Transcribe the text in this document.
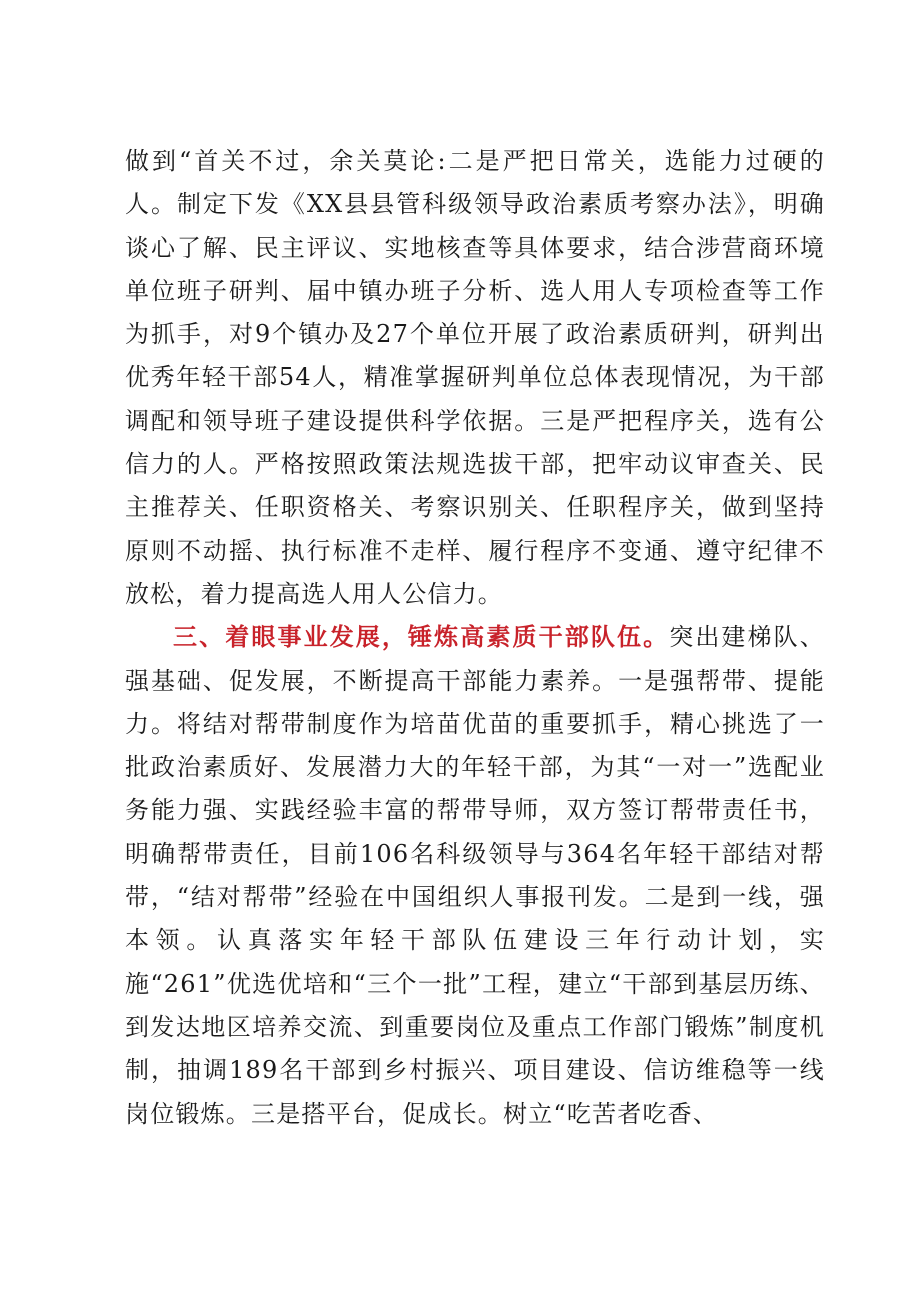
做到“首关不过，余关莫论:二是严把日常关，选能力过硬的人。制定下发《XX县县管科级领导政治素质考察办法》，明确谈心了解、民主评议、实地核查等具体要求，结合涉营商环境单位班子研判、届中镇办班子分析、选人用人专项检查等工作为抓手，对9个镇办及27个单位开展了政治素质研判，研判出优秀年轻干部54人，精准掌握研判单位总体表现情况，为干部调配和领导班子建设提供科学依据。三是严把程序关，选有公信力的人。严格按照政策法规选拔干部，把牢动议审查关、民主推荐关、任职资格关、考察识别关、任职程序关，做到坚持原则不动摇、执行标准不走样、履行程序不变通、遵守纪律不放松，着力提高选人用人公信力。

三、着眼事业发展，锤炼高素质干部队伍。突出建梯队、强基础、促发展，不断提高干部能力素养。一是强帮带、提能力。将结对帮带制度作为培苗优苗的重要抓手，精心挑选了一批政治素质好、发展潜力大的年轻干部，为其“一对一”选配业务能力强、实践经验丰富的帮带导师，双方签订帮带责任书，明确帮带责任，目前106名科级领导与364名年轻干部结对帮带，“结对帮带”经验在中国组织人事报刊发。二是到一线，强本领。认真落实年轻干部队伍建设三年行动计划，实施“261”优选优培和“三个一批”工程，建立“干部到基层历练、到发达地区培养交流、到重要岗位及重点工作部门锻炼”制度机制，抽调189名干部到乡村振兴、项目建设、信访维稳等一线岗位锻炼。三是搭平台，促成长。树立“吃苦者吃香、
